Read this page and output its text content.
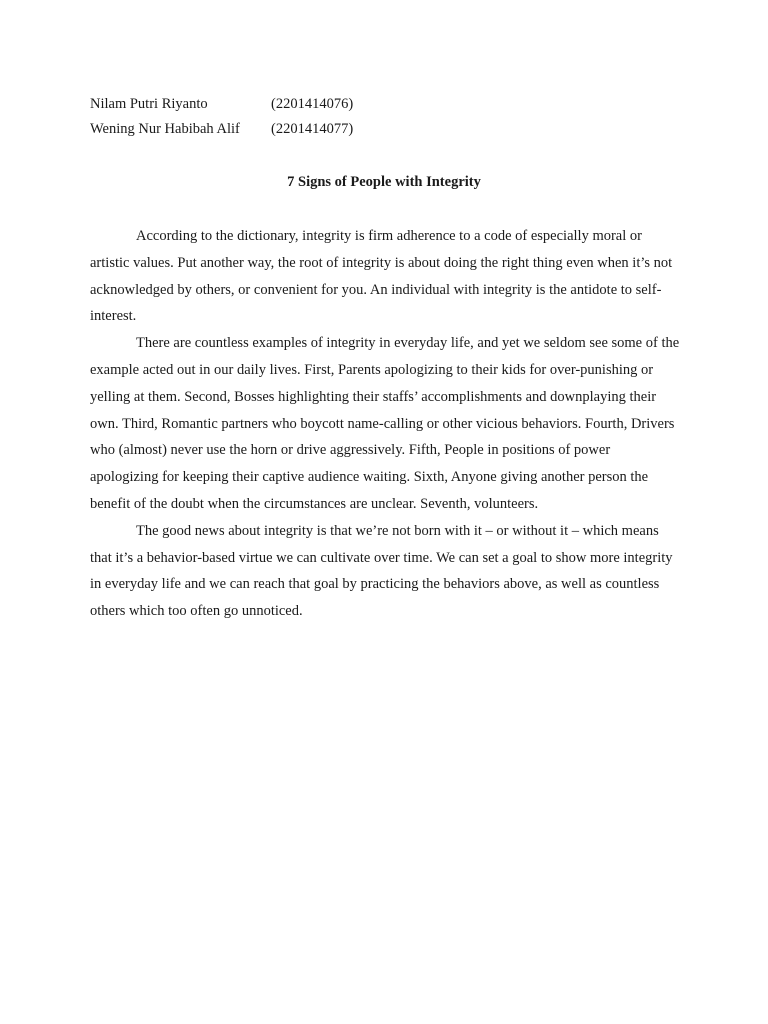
Nilam Putri Riyanto	(2201414076)
Wening Nur Habibah Alif	(2201414077)
7 Signs of People with Integrity

According to the dictionary, integrity is firm adherence to a code of especially moral or artistic values. Put another way, the root of integrity is about doing the right thing even when it’s not acknowledged by others, or convenient for you. An individual with integrity is the antidote to self-interest.

There are countless examples of integrity in everyday life, and yet we seldom see some of the example acted out in our daily lives. First, Parents apologizing to their kids for over-punishing or yelling at them. Second, Bosses highlighting their staffs’ accomplishments and downplaying their own. Third, Romantic partners who boycott name-calling or other vicious behaviors. Fourth, Drivers who (almost) never use the horn or drive aggressively. Fifth, People in positions of power apologizing for keeping their captive audience waiting. Sixth, Anyone giving another person the benefit of the doubt when the circumstances are unclear. Seventh, volunteers.

The good news about integrity is that we’re not born with it – or without it – which means that it’s a behavior-based virtue we can cultivate over time. We can set a goal to show more integrity in everyday life and we can reach that goal by practicing the behaviors above, as well as countless others which too often go unnoticed.
